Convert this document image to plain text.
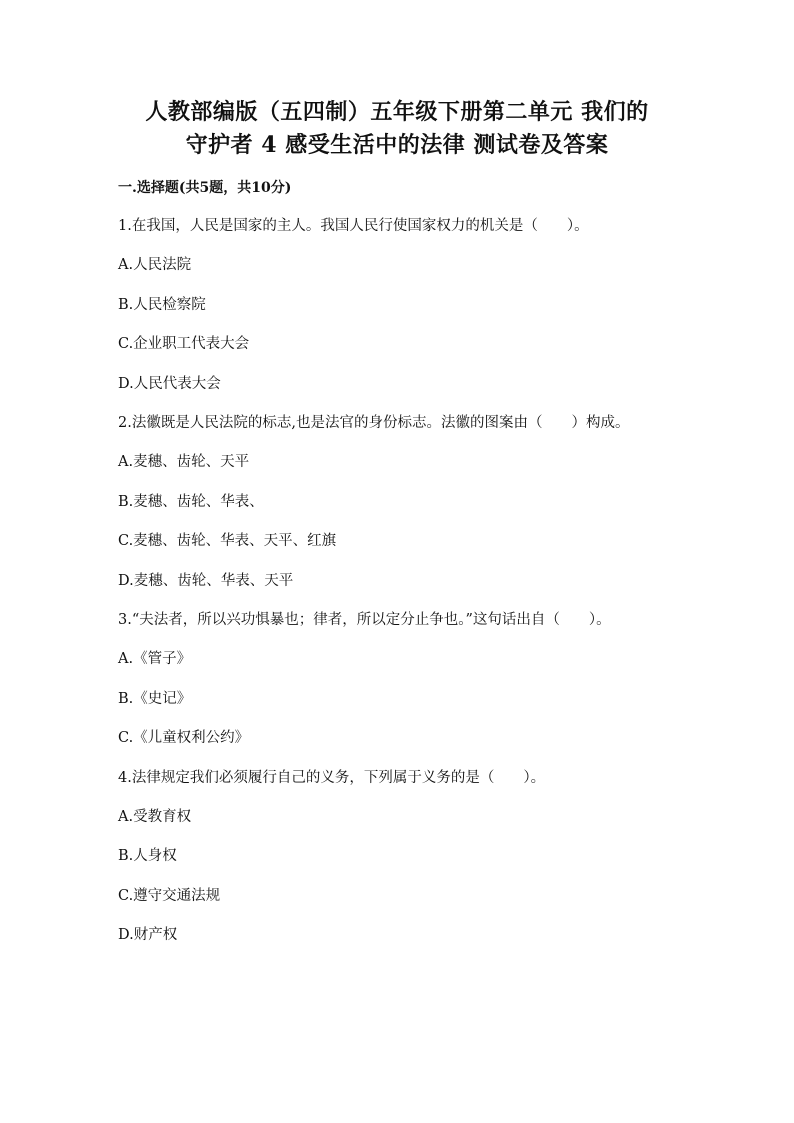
人教部编版（五四制）五年级下册第二单元 我们的
守护者 4 感受生活中的法律 测试卷及答案
一.选择题(共5题，共10分)

1.在我国，人民是国家的主人。我国人民行使国家权力的机关是（　　）。

A.人民法院

B.人民检察院

C.企业职工代表大会

D.人民代表大会

2.法徽既是人民法院的标志,也是法官的身份标志。法徽的图案由（　　）构成。

A.麦穗、齿轮、天平

B.麦穗、齿轮、华表、

C.麦穗、齿轮、华表、天平、红旗

D.麦穗、齿轮、华表、天平

3.“夫法者，所以兴功惧暴也；律者，所以定分止争也。”这句话出自（　　）。

A.《管子》

B.《史记》

C.《儿童权利公约》

4.法律规定我们必须履行自己的义务，下列属于义务的是（　　）。

A.受教育权

B.人身权

C.遵守交通法规

D.财产权
